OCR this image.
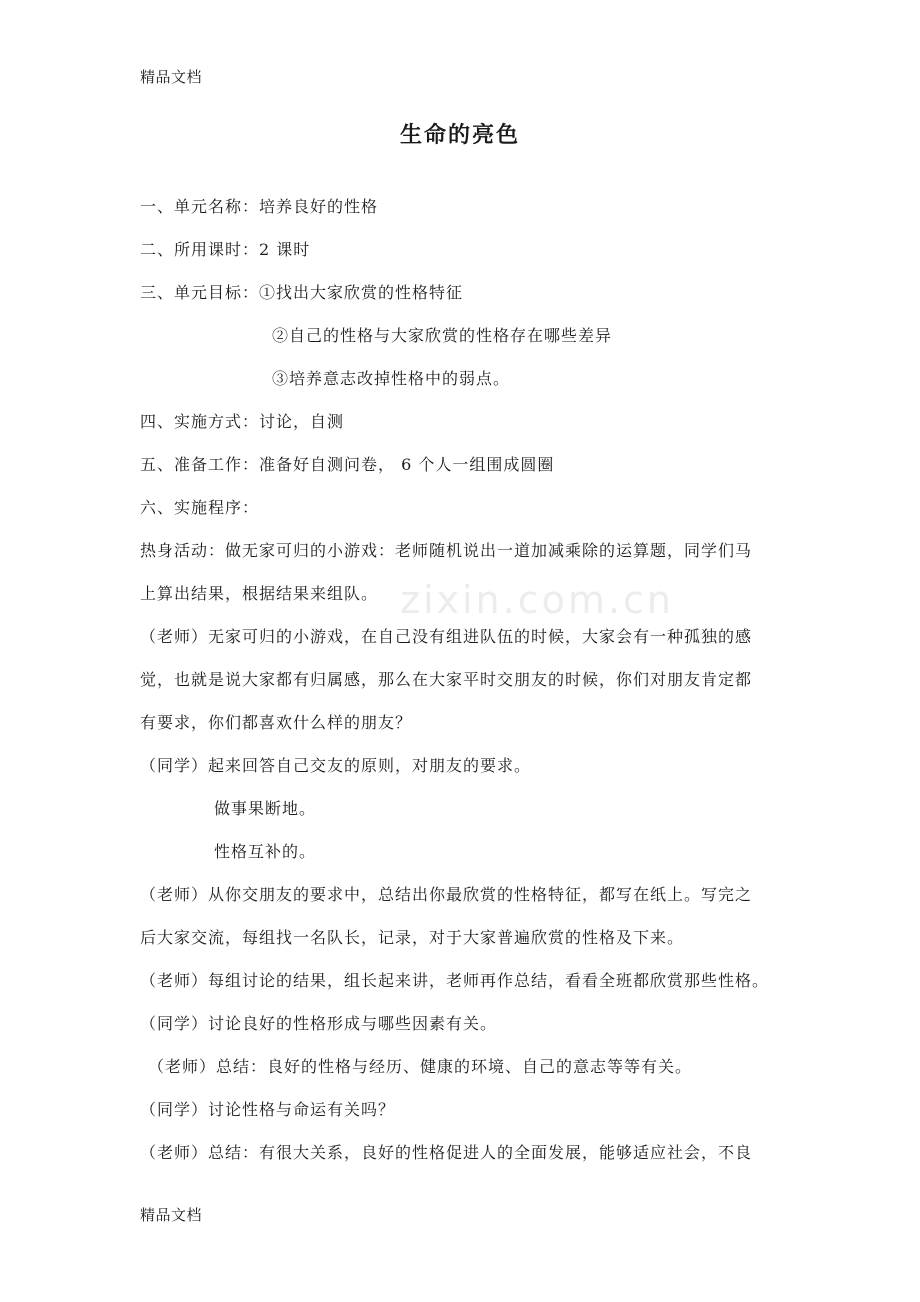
精品文档
生命的亮色
zixin.com.cn
一、单元名称：培养良好的性格
二、所用课时：2 课时
三、单元目标：①找出大家欣赏的性格特征
②自己的性格与大家欣赏的性格存在哪些差异
③培养意志改掉性格中的弱点。
四、实施方式：讨论，自测
五、准备工作：准备好自测问卷， 6 个人一组围成圆圈
六、实施程序：
热身活动：做无家可归的小游戏：老师随机说出一道加减乘除的运算题，同学们马
上算出结果，根据结果来组队。
（老师）无家可归的小游戏，在自己没有组进队伍的时候，大家会有一种孤独的感
觉，也就是说大家都有归属感，那么在大家平时交朋友的时候，你们对朋友肯定都
有要求，你们都喜欢什么样的朋友？
（同学）起来回答自己交友的原则，对朋友的要求。
做事果断地。
性格互补的。
（老师）从你交朋友的要求中，总结出你最欣赏的性格特征，都写在纸上。写完之
后大家交流，每组找一名队长，记录，对于大家普遍欣赏的性格及下来。
（老师）每组讨论的结果，组长起来讲，老师再作总结，看看全班都欣赏那些性格。
（同学）讨论良好的性格形成与哪些因素有关。
（老师）总结：良好的性格与经历、健康的环境、自己的意志等等有关。
（同学）讨论性格与命运有关吗？
（老师）总结：有很大关系，良好的性格促进人的全面发展，能够适应社会，不良
精品文档
